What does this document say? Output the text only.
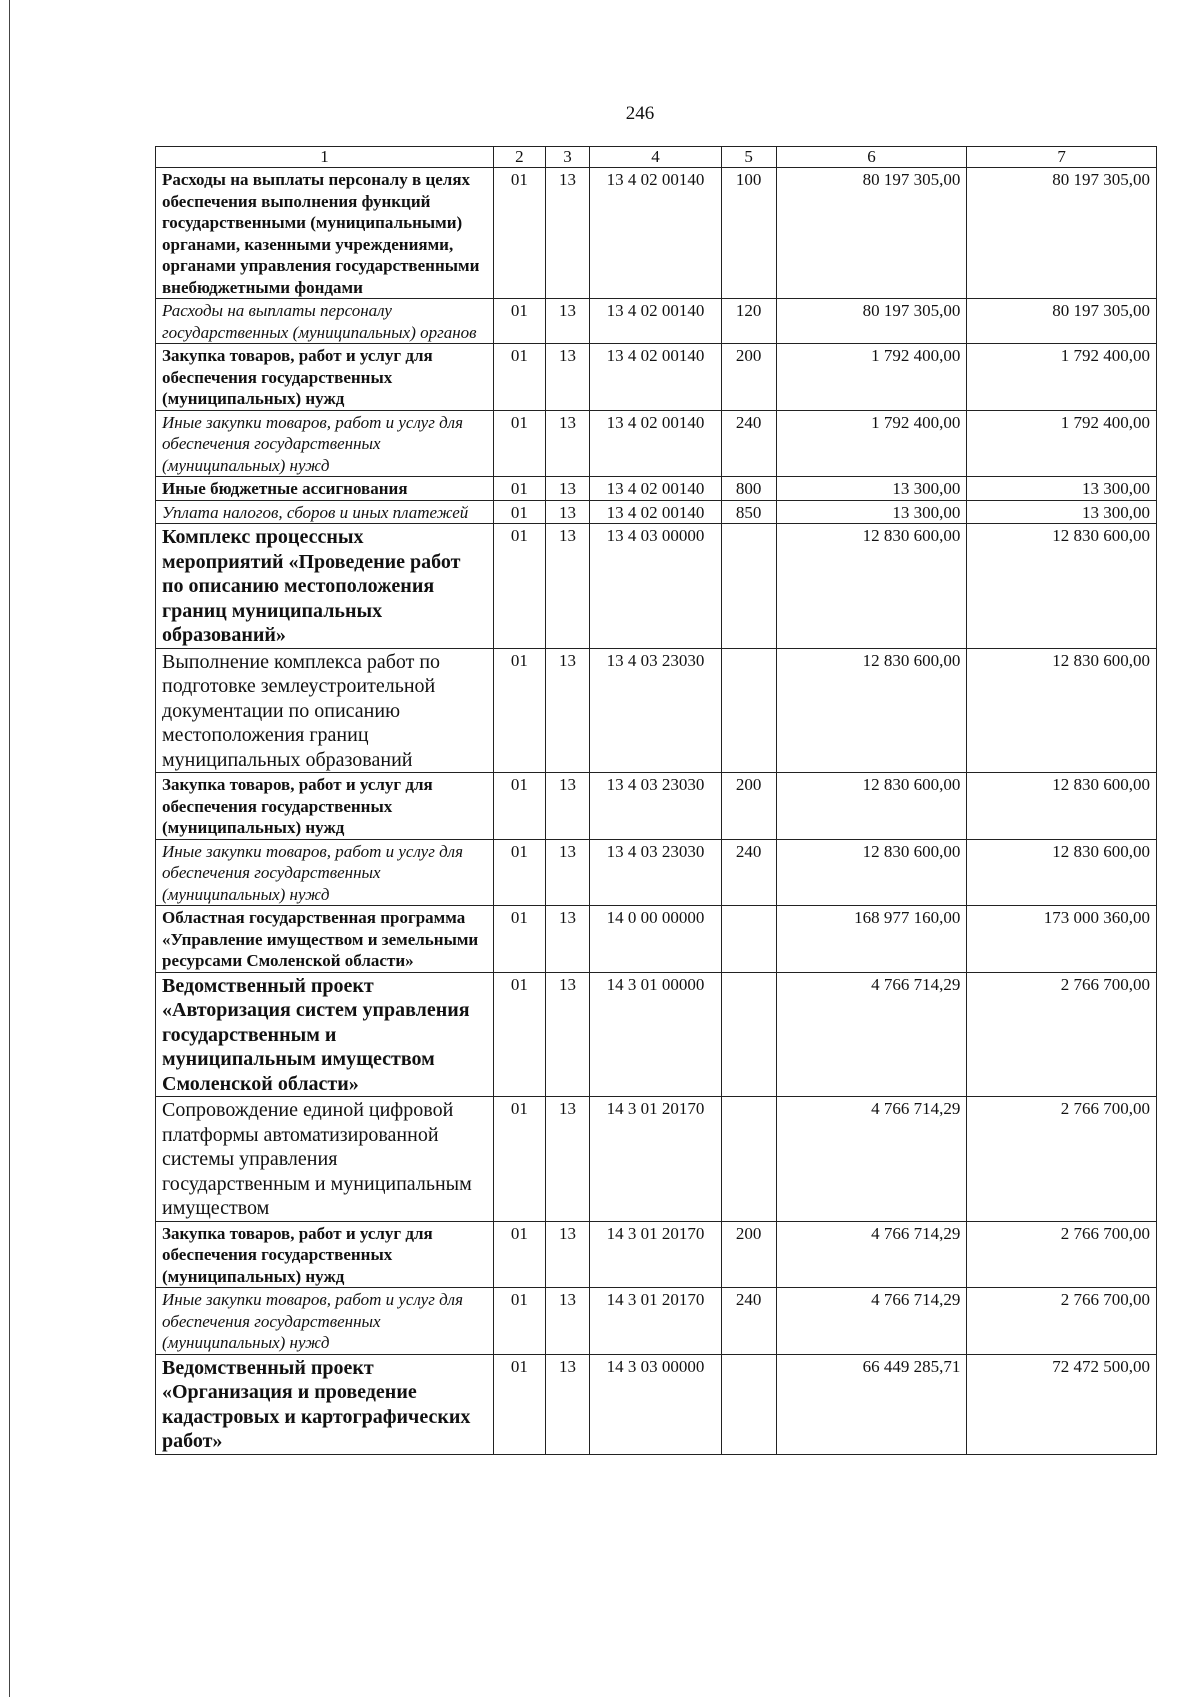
246
1	2	3	4	5	6	7
Расходы на выплаты персоналу в целях обеспечения выполнения функций государственными (муниципальными) органами, казенными учреждениями, органами управления государственными внебюджетными фондами	01	13	13 4 02 00140	100	80 197 305,00	80 197 305,00
Расходы на выплаты персоналу государственных (муниципальных) органов	01	13	13 4 02 00140	120	80 197 305,00	80 197 305,00
Закупка товаров, работ и услуг для обеспечения государственных (муниципальных) нужд	01	13	13 4 02 00140	200	1 792 400,00	1 792 400,00
Иные закупки товаров, работ и услуг для обеспечения государственных (муниципальных) нужд	01	13	13 4 02 00140	240	1 792 400,00	1 792 400,00
Иные бюджетные ассигнования	01	13	13 4 02 00140	800	13 300,00	13 300,00
Уплата налогов, сборов и иных платежей	01	13	13 4 02 00140	850	13 300,00	13 300,00
Комплекс процессных мероприятий «Проведение работ по описанию местоположения границ муниципальных образований»	01	13	13 4 03 00000		12 830 600,00	12 830 600,00
Выполнение комплекса работ по подготовке землеустроительной документации по описанию местоположения границ муниципальных образований	01	13	13 4 03 23030		12 830 600,00	12 830 600,00
Закупка товаров, работ и услуг для обеспечения государственных (муниципальных) нужд	01	13	13 4 03 23030	200	12 830 600,00	12 830 600,00
Иные закупки товаров, работ и услуг для обеспечения государственных (муниципальных) нужд	01	13	13 4 03 23030	240	12 830 600,00	12 830 600,00
Областная государственная программа «Управление имуществом и земельными ресурсами Смоленской области»	01	13	14 0 00 00000		168 977 160,00	173 000 360,00
Ведомственный проект «Авторизация систем управления государственным и муниципальным имуществом Смоленской области»	01	13	14 3 01 00000		4 766 714,29	2 766 700,00
Сопровождение единой цифровой платформы автоматизированной системы управления государственным и муниципальным имуществом	01	13	14 3 01 20170		4 766 714,29	2 766 700,00
Закупка товаров, работ и услуг для обеспечения государственных (муниципальных) нужд	01	13	14 3 01 20170	200	4 766 714,29	2 766 700,00
Иные закупки товаров, работ и услуг для обеспечения государственных (муниципальных) нужд	01	13	14 3 01 20170	240	4 766 714,29	2 766 700,00
Ведомственный проект «Организация и проведение кадастровых и картографических работ»	01	13	14 3 03 00000		66 449 285,71	72 472 500,00
